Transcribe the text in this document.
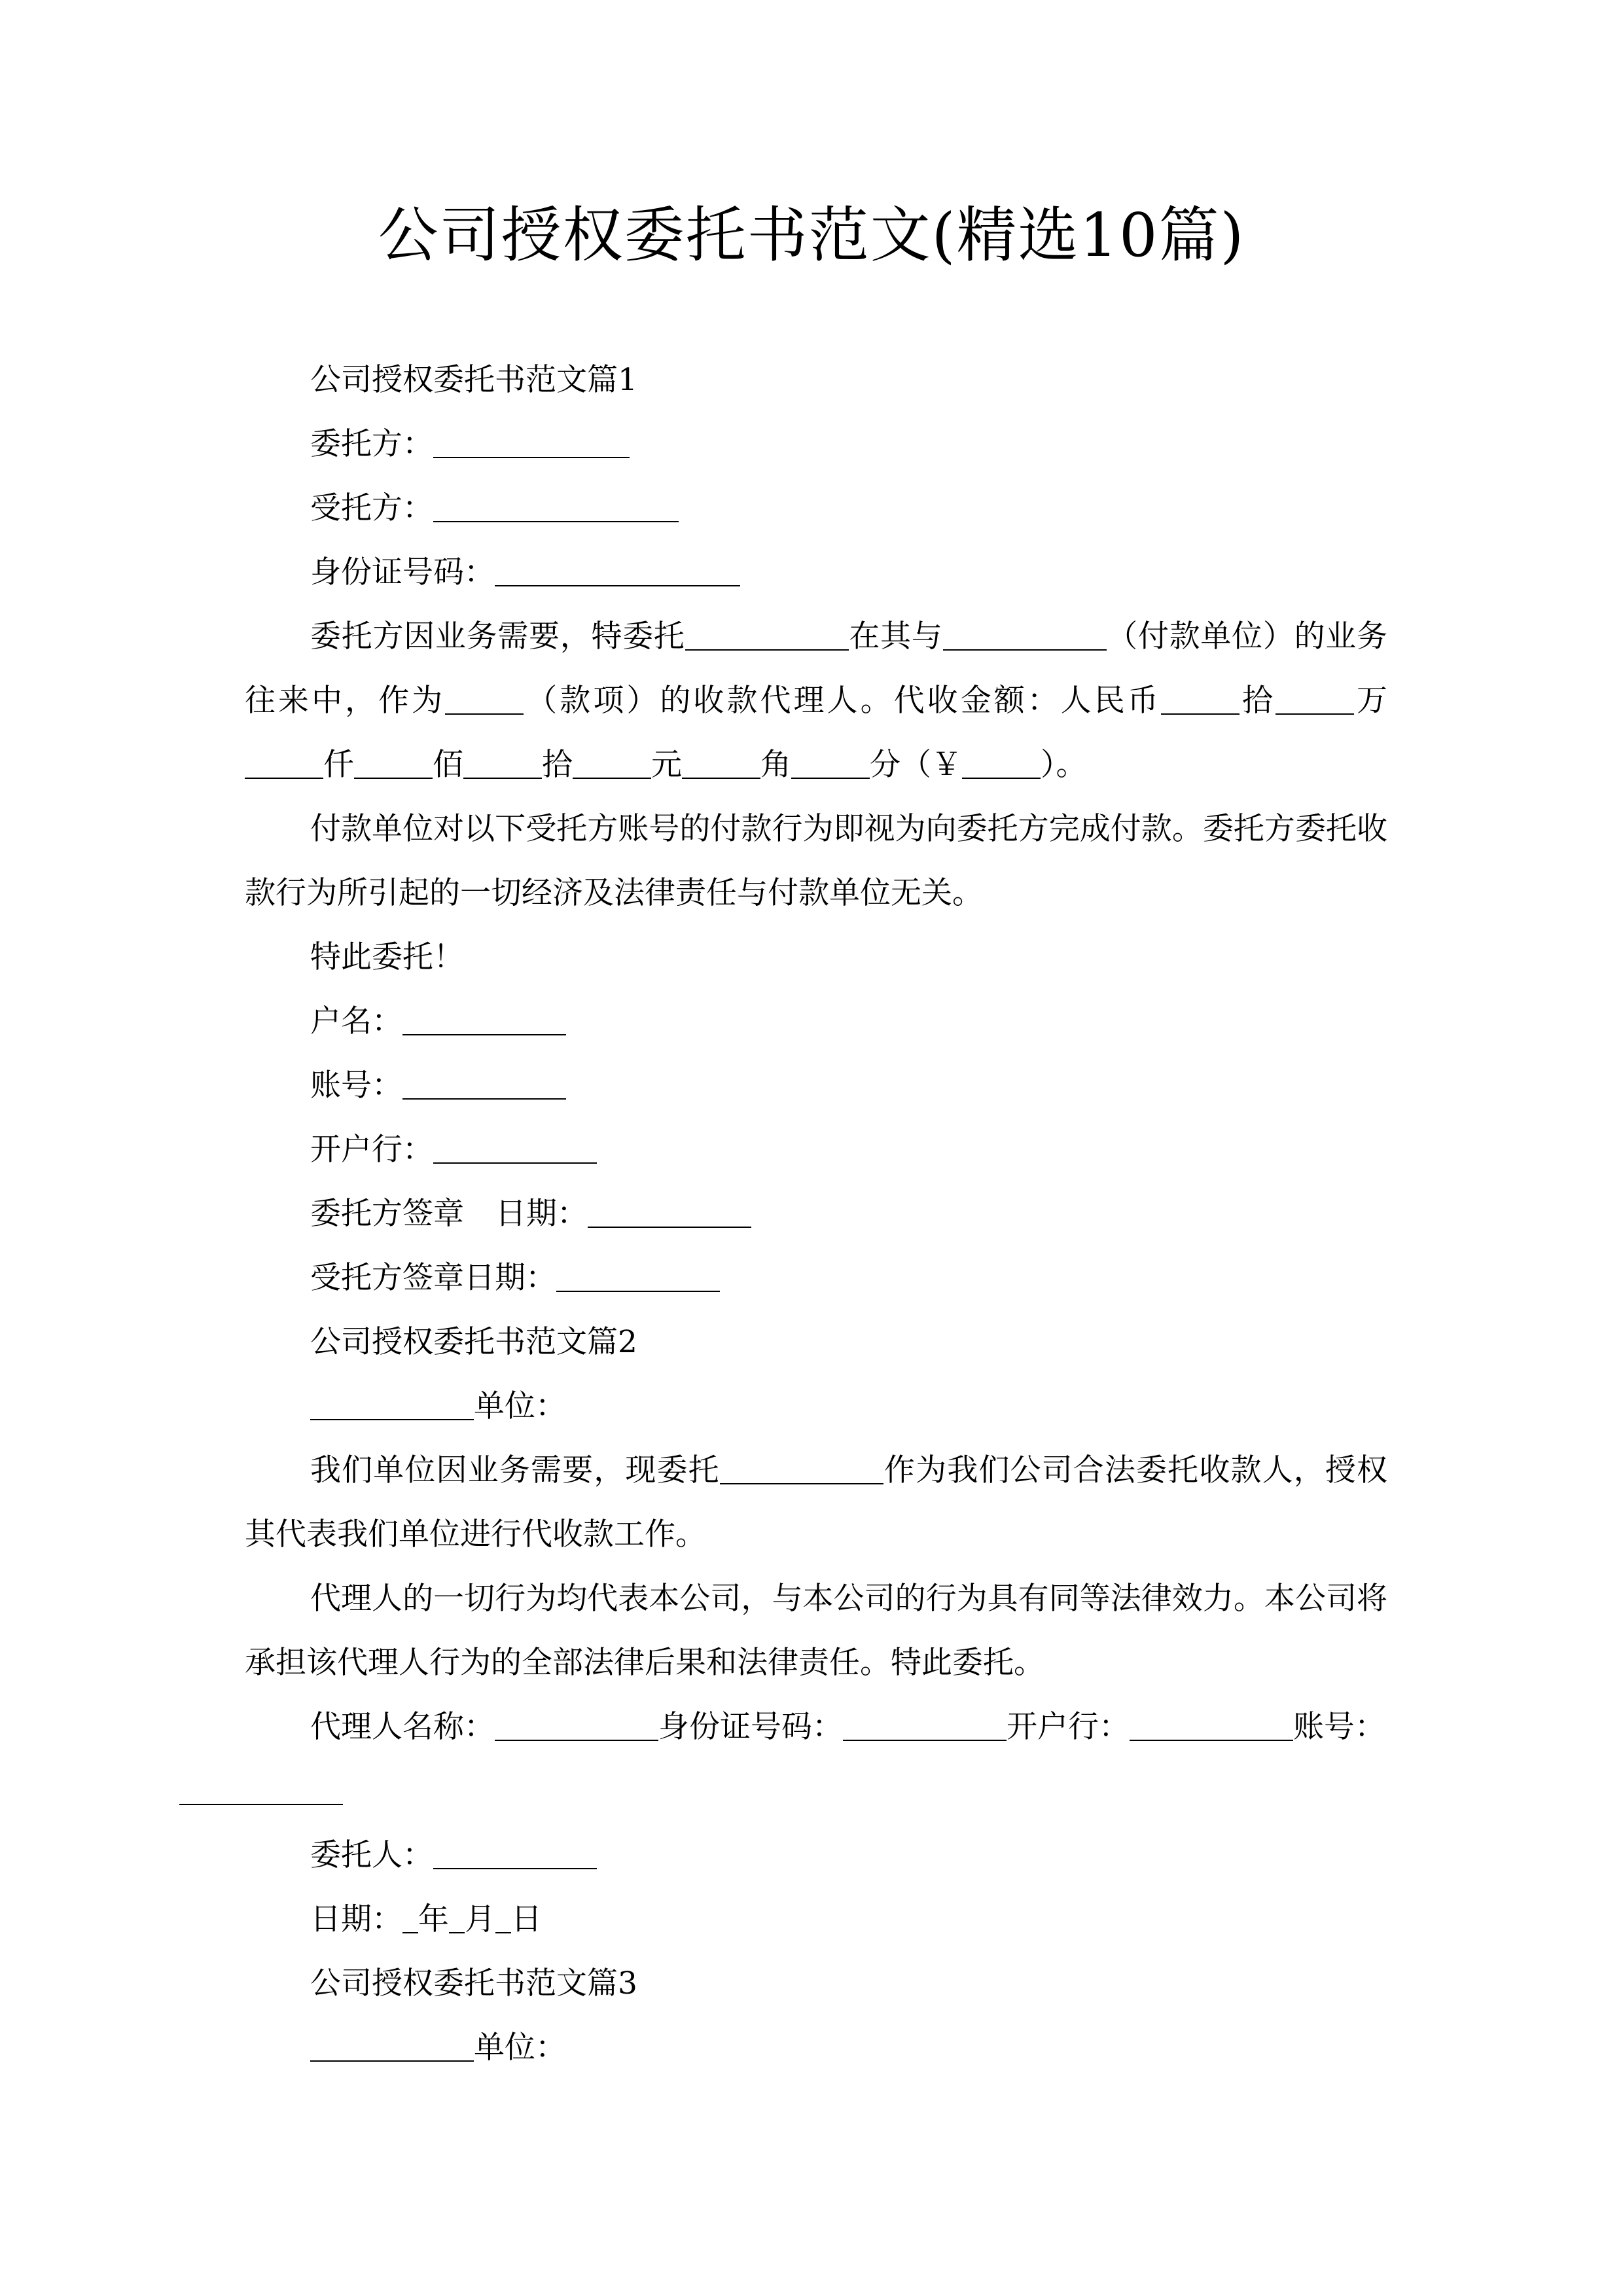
公司授权委托书范文(精选10篇)

公司授权委托书范文篇1

委托方：

受托方：

身份证号码：

委托方因业务需要，特委托	在其与	（付款单位）的业务往来中，作为	（款项）的收款代理人。代收金额：人民币	拾	万仟	佰	拾	元	角	分（￥	）。

付款单位对以下受托方账号的付款行为即视为向委托方完成付款。委托方委托收款行为所引起的一切经济及法律责任与付款单位无关。

特此委托！

户名：

账号：

开户行：

委托方签章 日期：

受托方签章日期：

公司授权委托书范文篇2

单位：

我们单位因业务需要，现委托	作为我们公司合法委托收款人，授权其代表我们单位进行代收款工作。

代理人的一切行为均代表本公司，与本公司的行为具有同等法律效力。本公司将承担该代理人行为的全部法律后果和法律责任。特此委托。

代理人名称：	身份证号码：	开户行：	账号：

委托人：

日期： 年 月 日

公司授权委托书范文篇3

单位：
